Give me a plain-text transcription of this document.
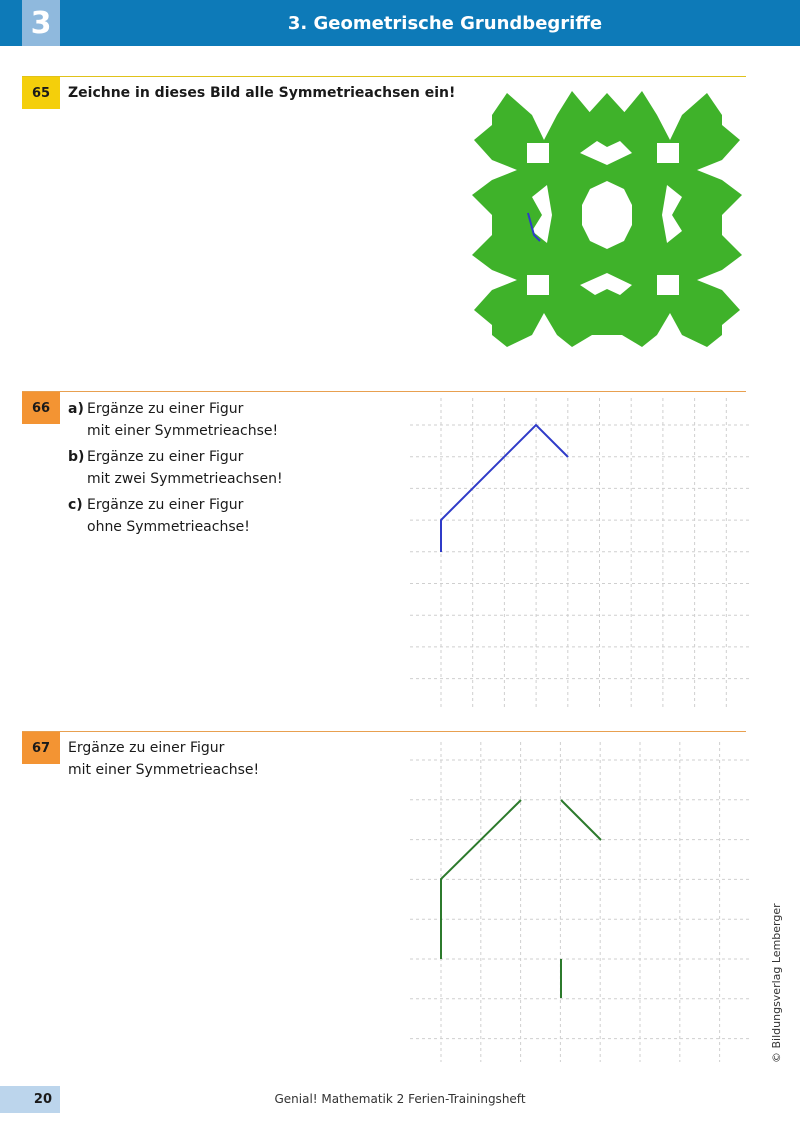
3	3. Geometrische Grundbegriffe
65	Zeichne in dieses Bild alle Symmetrieachsen ein!
66	a) Ergänze zu einer Figur
mit einer Symmetrieachse!
b) Ergänze zu einer Figur
mit zwei Symmetrieachsen!
c) Ergänze zu einer Figur
ohne Symmetrieachse!
67	Ergänze zu einer Figur
mit einer Symmetrieachse!
20	Genial! Mathematik 2 Ferien-Trainingsheft
© Bildungsverlag Lemberger
